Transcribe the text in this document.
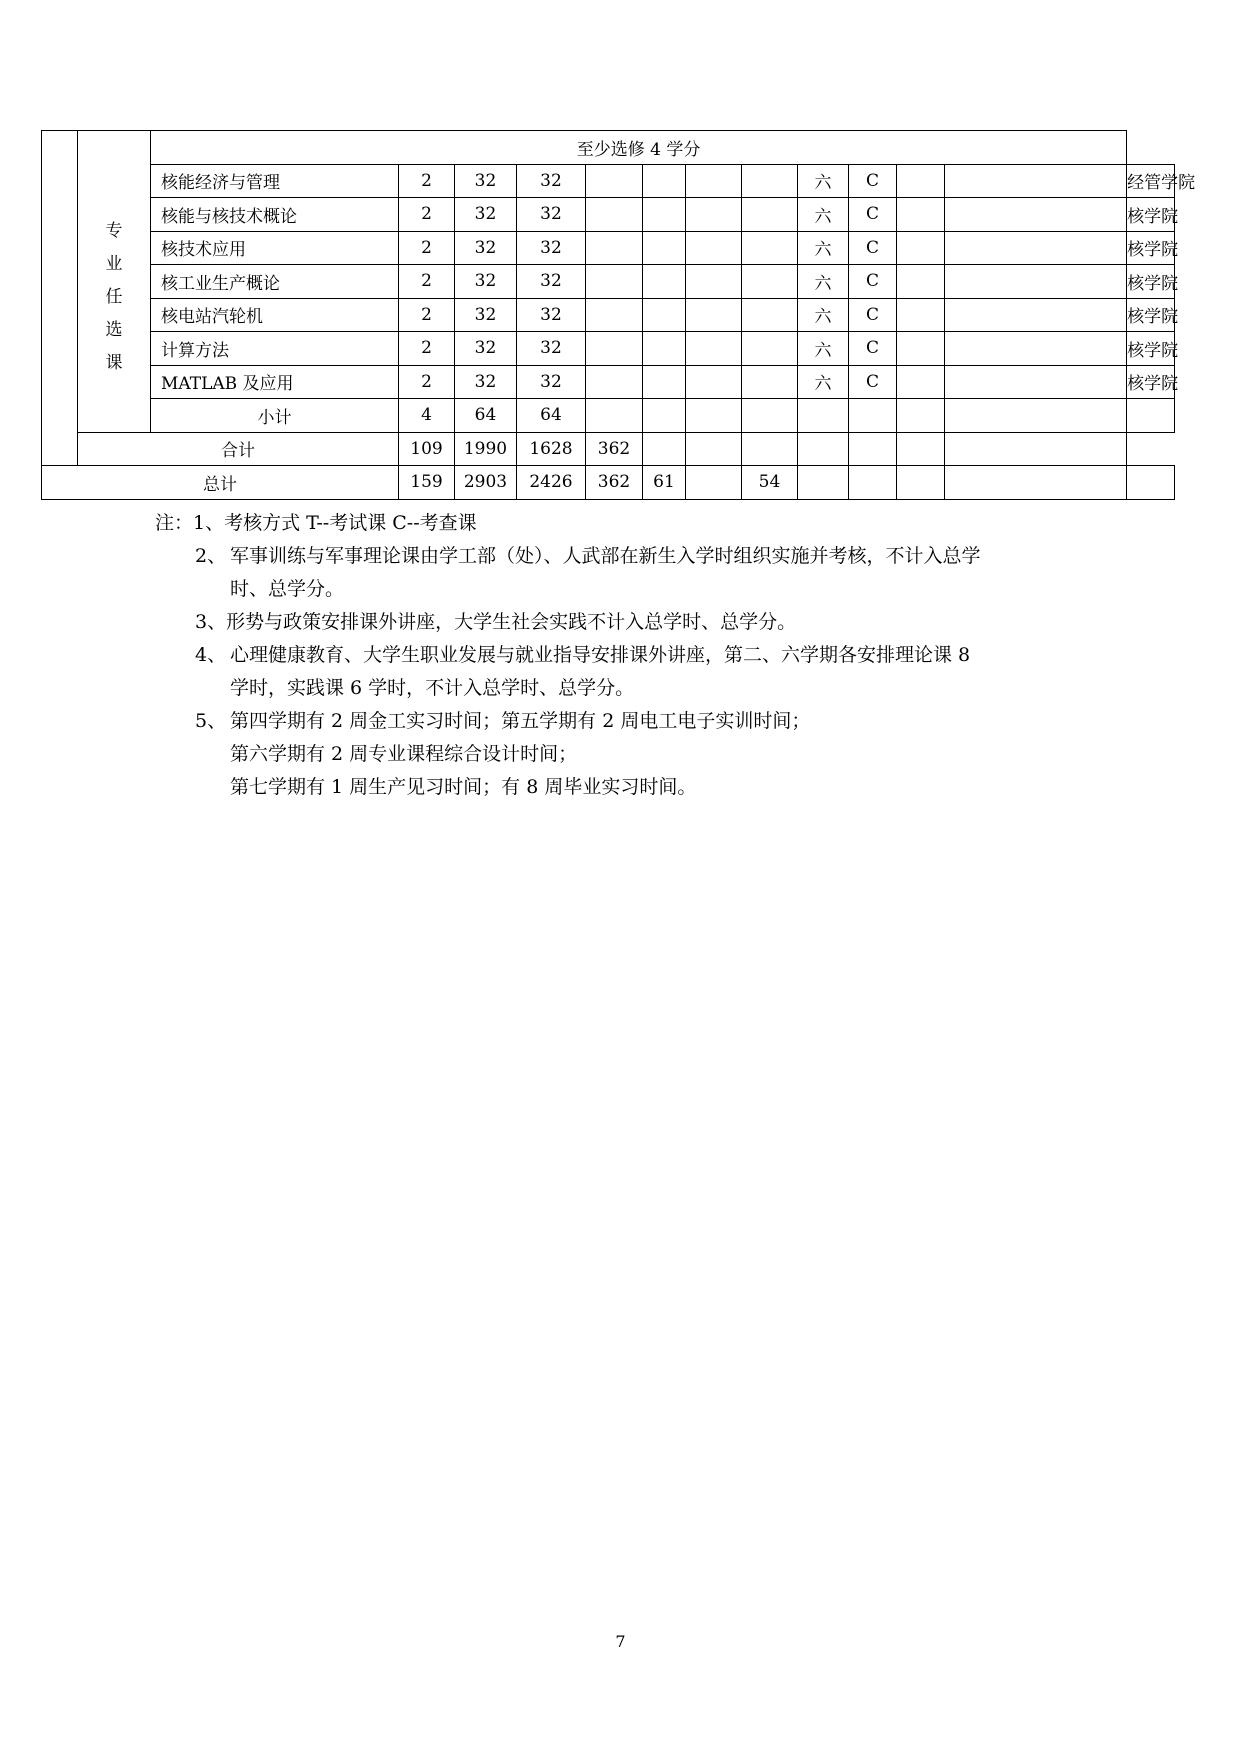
	专
业
任
选
课	至少选修 4 学分												
		核能经济与管理	2	32	32					六	C			经管学院
		核能与核技术概论	2	32	32					六	C			核学院
		核技术应用	2	32	32					六	C			核学院
		核工业生产概论	2	32	32					六	C			核学院
		核电站汽轮机	2	32	32					六	C			核学院
		计算方法	2	32	32					六	C			核学院
		MATLAB 及应用	2	32	32					六	C			核学院
		小计	4	64	64									
	合计		109	1990	1628	362								
总计			159	2903	2426	362	61		54					
注：1、考核方式 T--考试课 C--考查课
2、 军事训练与军事理论课由学工部（处）、人武部在新生入学时组织实施并考核，不计入总学
时、总学分。
3、形势与政策安排课外讲座，大学生社会实践不计入总学时、总学分。
4、 心理健康教育、大学生职业发展与就业指导安排课外讲座，第二、六学期各安排理论课 8
学时，实践课 6 学时，不计入总学时、总学分。
5、 第四学期有 2 周金工实习时间；第五学期有 2 周电工电子实训时间；
第六学期有 2 周专业课程综合设计时间；
第七学期有 1 周生产见习时间；有 8 周毕业实习时间。
7
